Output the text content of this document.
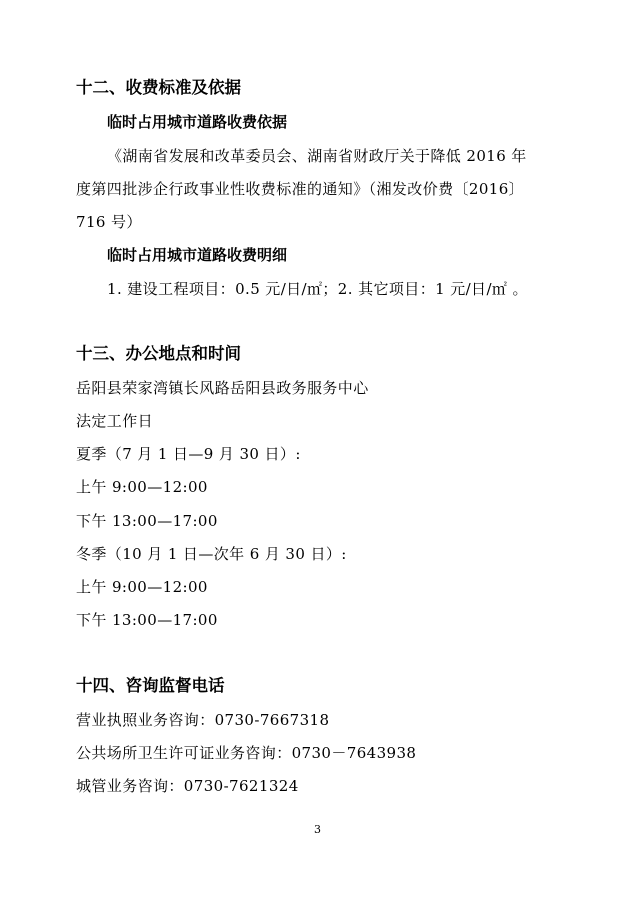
十二、收费标准及依据
临时占用城市道路收费依据
《湖南省发展和改革委员会、湖南省财政厅关于降低 2016 年
度第四批涉企行政事业性收费标准的通知》（湘发改价费〔2016〕
716 号）
临时占用城市道路收费明细
1. 建设工程项目：0.5 元/日/㎡；2. 其它项目：1 元/日/㎡ 。
十三、办公地点和时间
岳阳县荣家湾镇长风路岳阳县政务服务中心
法定工作日
夏季（7 月 1 日—9 月 30 日）:
上午 9:00—12:00
下午 13:00—17:00
冬季（10 月 1 日—次年 6 月 30 日）:
上午 9:00—12:00
下午 13:00—17:00
十四、咨询监督电话
营业执照业务咨询：0730-7667318
公共场所卫生许可证业务咨询：0730－7643938
城管业务咨询：0730-7621324
3
